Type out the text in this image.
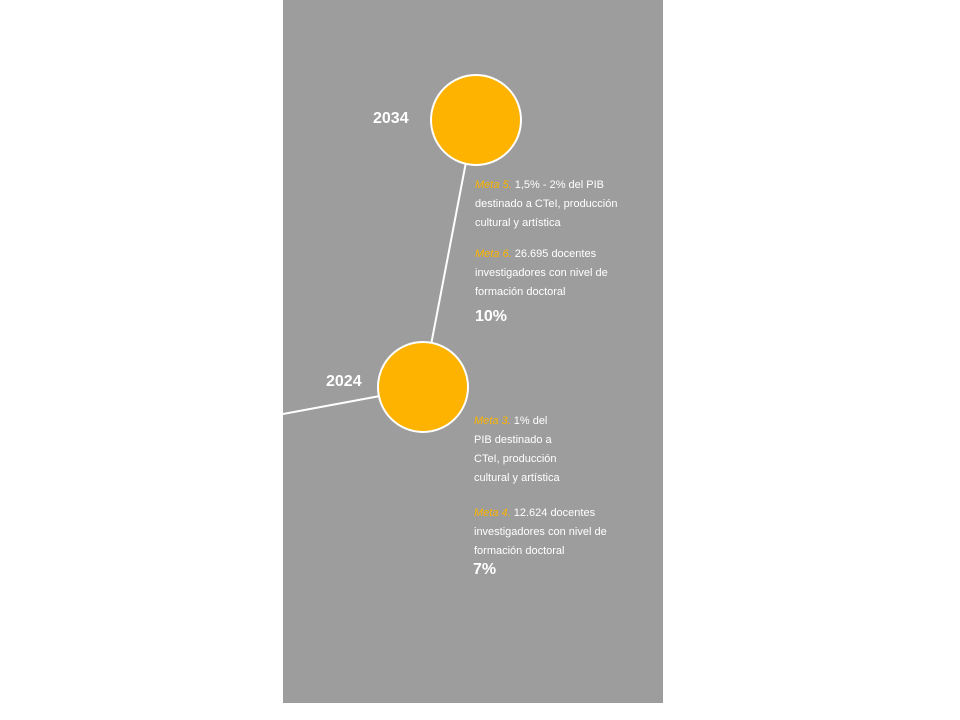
2034
Meta 5. 1,5% - 2% del PIB
destinado a CTeI, producción
cultural y artística
Meta 6. 26.695 docentes
investigadores con nivel de
formación doctoral
10%
2024
Meta 3. 1% del
PIB destinado a
CTeI, producción
cultural y artística
Meta 4. 12.624 docentes
investigadores con nivel de
formación doctoral
7%
